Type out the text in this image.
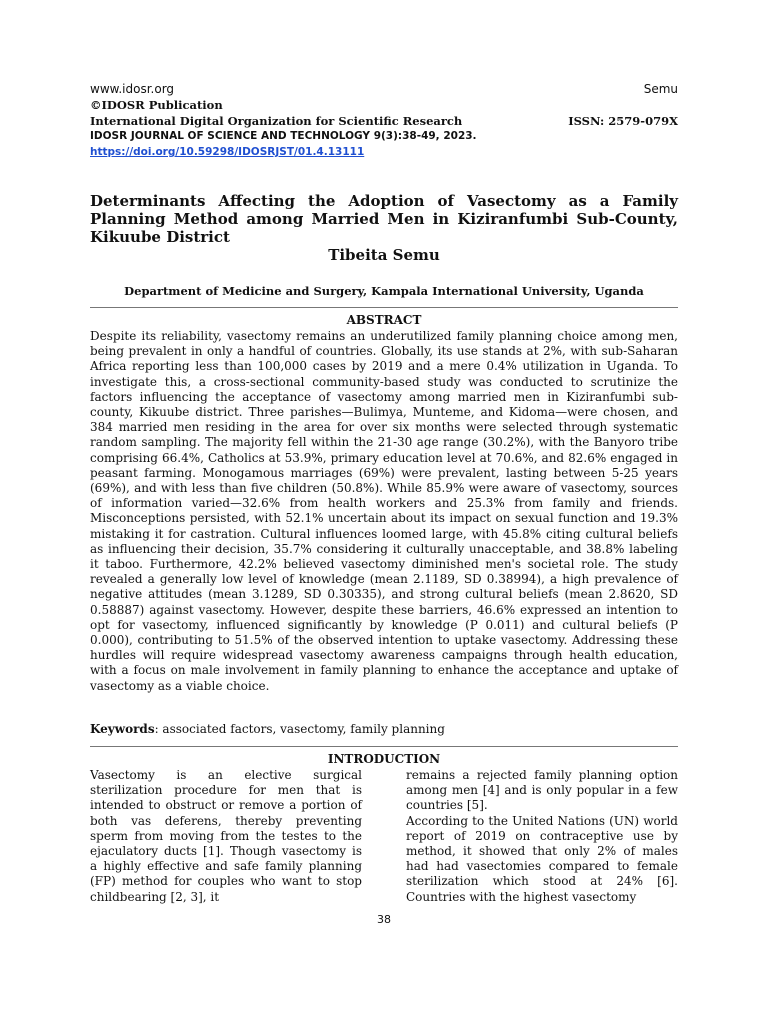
www.idosr.org	Semu
©IDOSR Publication
International Digital Organization for Scientific Research	ISSN: 2579-079X
IDOSR JOURNAL OF SCIENCE AND TECHNOLOGY 9(3):38-49, 2023.
https://doi.org/10.59298/IDOSRJST/01.4.13111
Determinants Affecting the Adoption of Vasectomy as a Family Planning Method among Married Men in Kiziranfumbi Sub-County, Kikuube District

Tibeita Semu

Department of Medicine and Surgery, Kampala International University, Uganda

ABSTRACT

Despite its reliability, vasectomy remains an underutilized family planning choice among men, being prevalent in only a handful of countries. Globally, its use stands at 2%, with sub-Saharan Africa reporting less than 100,000 cases by 2019 and a mere 0.4% utilization in Uganda. To investigate this, a cross-sectional community-based study was conducted to scrutinize the factors influencing the acceptance of vasectomy among married men in Kiziranfumbi sub-county, Kikuube district. Three parishes—Bulimya, Munteme, and Kidoma—were chosen, and 384 married men residing in the area for over six months were selected through systematic random sampling. The majority fell within the 21-30 age range (30.2%), with the Banyoro tribe comprising 66.4%, Catholics at 53.9%, primary education level at 70.6%, and 82.6% engaged in peasant farming. Monogamous marriages (69%) were prevalent, lasting between 5-25 years (69%), and with less than five children (50.8%). While 85.9% were aware of vasectomy, sources of information varied—32.6% from health workers and 25.3% from family and friends. Misconceptions persisted, with 52.1% uncertain about its impact on sexual function and 19.3% mistaking it for castration. Cultural influences loomed large, with 45.8% citing cultural beliefs as influencing their decision, 35.7% considering it culturally unacceptable, and 38.8% labeling it taboo. Furthermore, 42.2% believed vasectomy diminished men's societal role. The study revealed a generally low level of knowledge (mean 2.1189, SD 0.38994), a high prevalence of negative attitudes (mean 3.1289, SD 0.30335), and strong cultural beliefs (mean 2.8620, SD 0.58887) against vasectomy. However, despite these barriers, 46.6% expressed an intention to opt for vasectomy, influenced significantly by knowledge (P 0.011) and cultural beliefs (P 0.000), contributing to 51.5% of the observed intention to uptake vasectomy. Addressing these hurdles will require widespread vasectomy awareness campaigns through health education, with a focus on male involvement in family planning to enhance the acceptance and uptake of vasectomy as a viable choice.

Keywords: associated factors, vasectomy, family planning

INTRODUCTION

Vasectomy is an elective surgical sterilization procedure for men that is intended to obstruct or remove a portion of both vas deferens, thereby preventing sperm from moving from the testes to the ejaculatory ducts [1]. Though vasectomy is a highly effective and safe family planning (FP) method for couples who want to stop childbearing [2, 3], it

remains a rejected family planning option among men [4] and is only popular in a few countries [5].
According to the United Nations (UN) world report of 2019 on contraceptive use by method, it showed that only 2% of males had had vasectomies compared to female sterilization which stood at 24% [6]. Countries with the highest vasectomy

38
